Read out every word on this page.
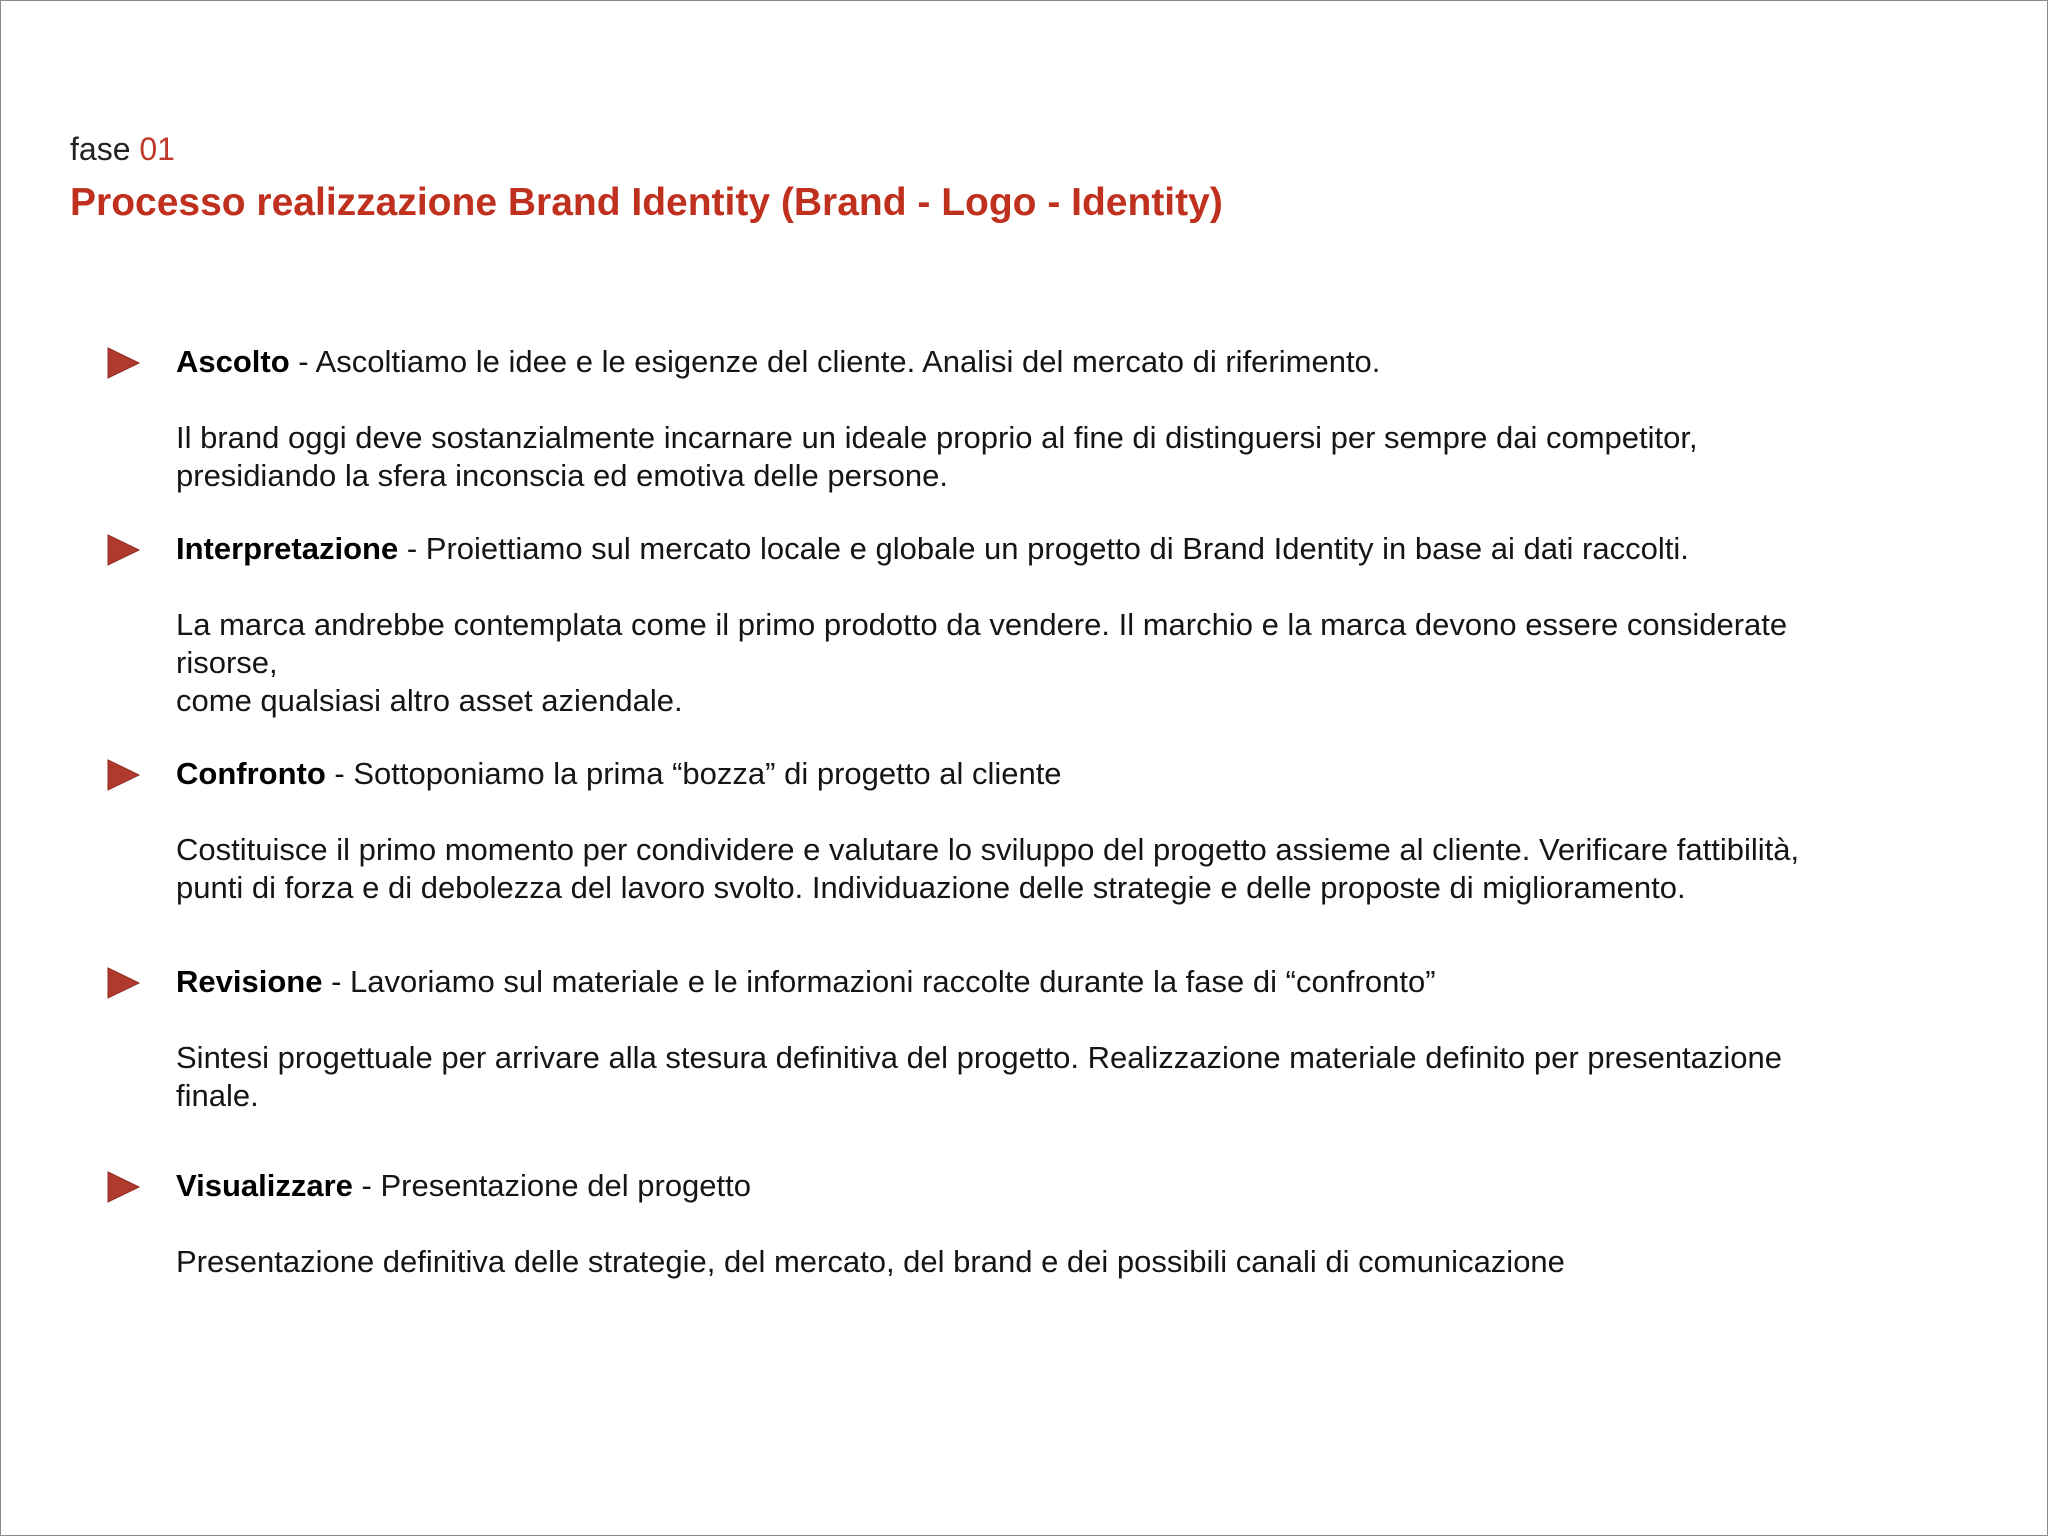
fase 01
Processo realizzazione Brand Identity (Brand - Logo - Identity)
Ascolto - Ascoltiamo le idee e le esigenze del cliente. Analisi del mercato di riferimento.
Il brand oggi deve sostanzialmente incarnare un ideale proprio al fine di distinguersi per sempre dai competitor,
presidiando la sfera inconscia ed emotiva delle persone.
Interpretazione - Proiettiamo sul mercato locale e globale un progetto di Brand Identity in base ai dati raccolti.
La marca andrebbe contemplata come il primo prodotto da vendere. Il marchio e la marca devono essere considerate
risorse,
come qualsiasi altro asset aziendale.
Confronto - Sottoponiamo la prima “bozza” di progetto al cliente
Costituisce il primo momento per condividere e valutare lo sviluppo del progetto assieme al cliente. Verificare fattibilità,
punti di forza e di debolezza del lavoro svolto. Individuazione delle strategie e delle proposte di miglioramento.
Revisione - Lavoriamo sul materiale e le informazioni raccolte durante la fase di “confronto”
Sintesi progettuale per arrivare alla stesura definitiva del progetto. Realizzazione materiale definito per presentazione
finale.
Visualizzare - Presentazione del progetto
Presentazione definitiva delle strategie, del mercato, del brand e dei possibili canali di comunicazione
